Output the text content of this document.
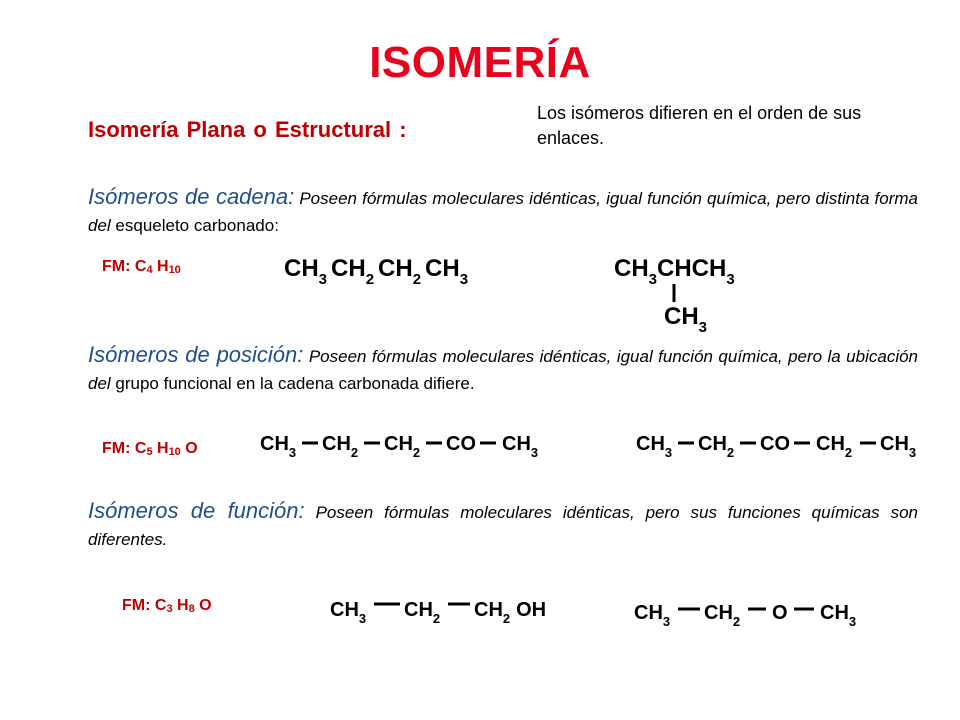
ISOMERÍA
Isomería Plana o Estructural :
Los isómeros difieren en el orden de sus enlaces.
Isómeros de cadena: Poseen fórmulas moleculares idénticas, igual función química, pero distinta forma del esqueleto carbonado:
FM: $C_4$ $H_{10}$	$CH_3$ $CH_2$ $CH_2$ $CH_3$	$CH_3CHCH_3$
$CH_3$
Isómeros de posición: Poseen fórmulas moleculares idénticas, igual función química, pero la ubicación del grupo funcional en la cadena carbonada difiere.
FM: $C_5$ $H_{10}$ O	$CH_3$ $CH_2$ $CH_2$ CO $CH_3$	$CH_3$ $CH_2$ CO $CH_2$ $CH_3$
Isómeros de función: Poseen fórmulas moleculares idénticas, pero sus funciones químicas son diferentes.
FM: $C_3$ $H_8$ O	$CH_3$ $CH_2$ $CH_2$ OH	$CH_3$ $CH_2$ O $CH_3$
